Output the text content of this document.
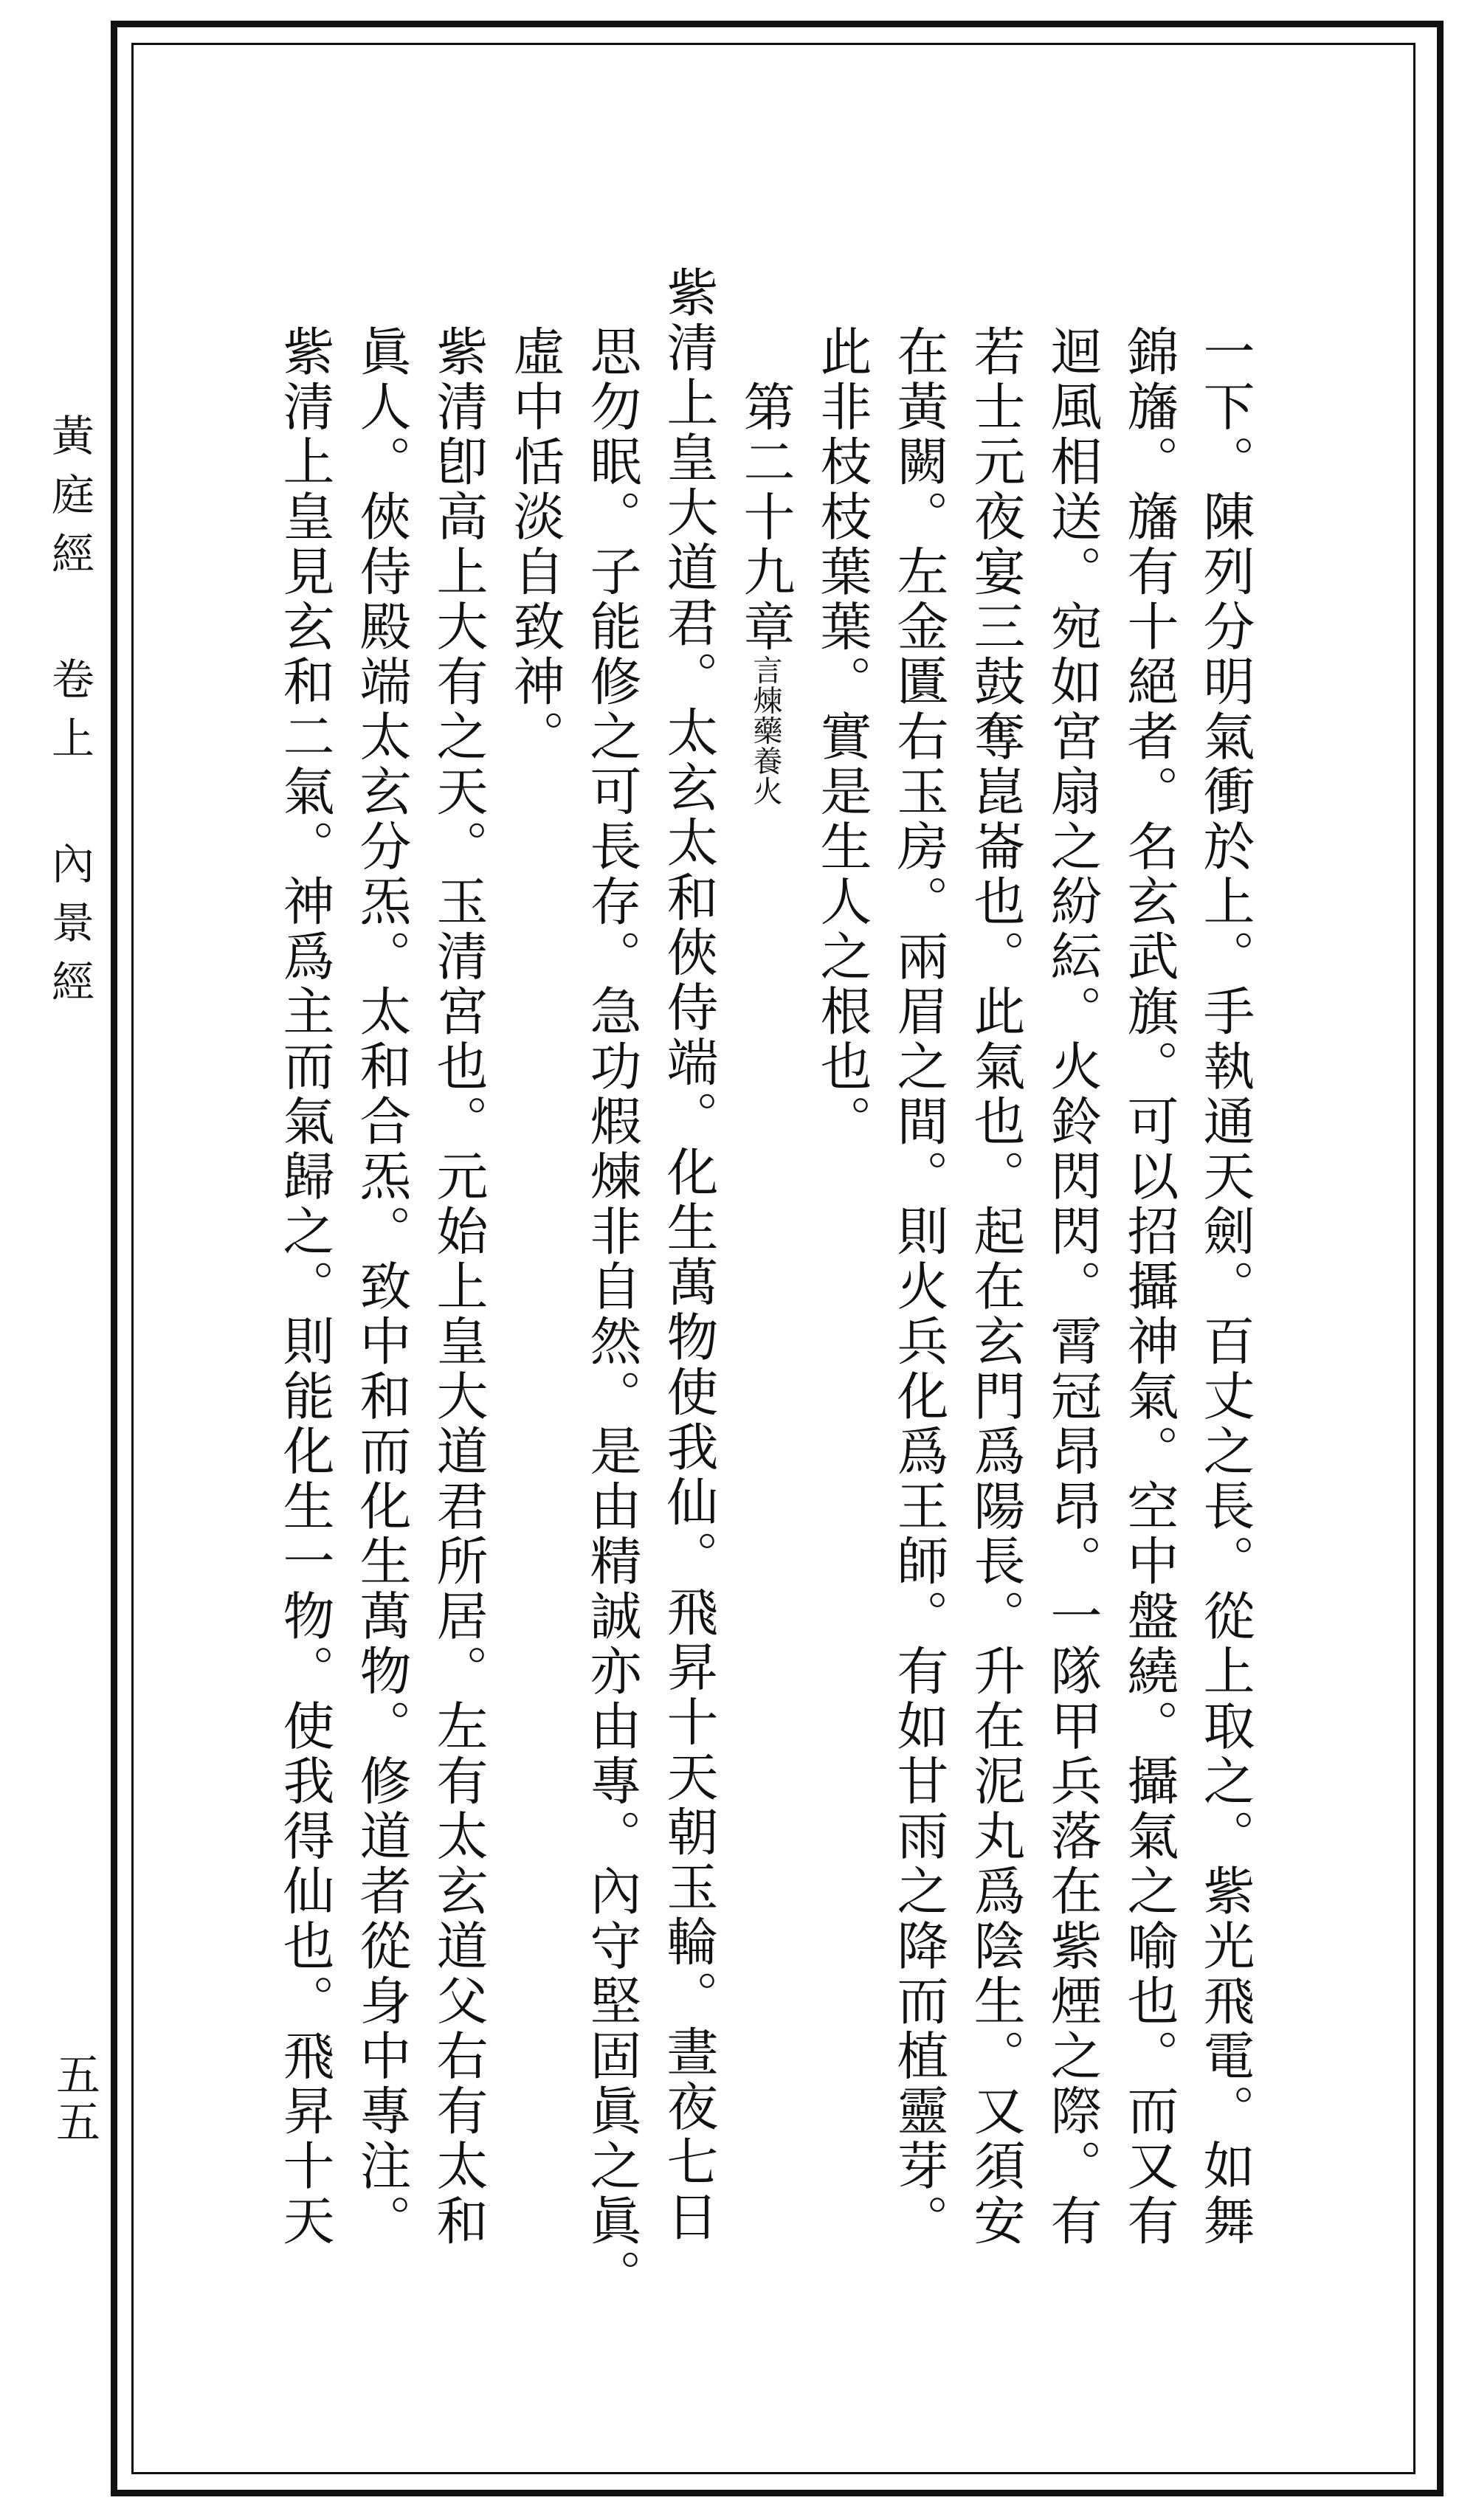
黃庭經 卷上 內景經
五五	一下。陳列分明氣衝於上。手執通天劍。百丈之長。從上取之。紫光飛電。如舞
錦旛。旛有十絕者。名玄武旗。可以招攝神氣。空中盤繞。攝氣之喻也。而又有
迴風相送。宛如宮扇之紛紜。火鈴閃閃。霄冠昂昂。一隊甲兵落在紫煙之際。有
若士元夜宴三鼓奪崑崙也。此氣也。起在玄門爲陽長。升在泥丸爲陰生。又須安
在黃闕。左金匱右玉房。兩眉之間。則火兵化爲王師。有如甘雨之降而植靈芽。
此非枝枝葉葉。實是生人之根也。
第二十九章言煉藥養火
紫清上皇大道君。太玄太和俠侍端。化生萬物使我仙。飛昇十天朝玉輪。晝夜七日
思勿眠。子能修之可長存。急功煆煉非自然。是由精誠亦由專。內守堅固眞之眞。
虛中恬淡自致神。
紫清卽高上大有之天。玉清宮也。元始上皇大道君所居。左有太玄道父右有太和
眞人。俠侍殿端太玄分炁。太和合炁。致中和而化生萬物。修道者從身中專注。
紫清上皇見玄和二氣。神爲主而氣歸之。則能化生一物。使我得仙也。飛昇十天
